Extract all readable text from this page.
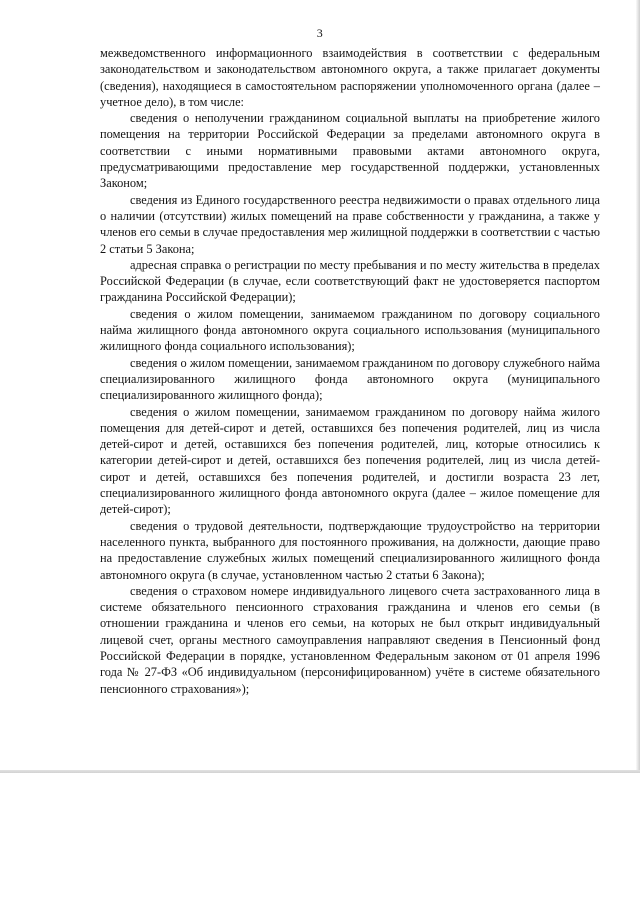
3

межведомственного информационного взаимодействия в соответствии с федеральным законодательством и законодательством автономного округа, а также прилагает документы (сведения), находящиеся в самостоятельном распоряжении уполномоченного органа (далее – учетное дело), в том числе:

сведения о неполучении гражданином социальной выплаты на приобретение жилого помещения на территории Российской Федерации за пределами автономного округа в соответствии с иными нормативными правовыми актами автономного округа, предусматривающими предоставление мер государственной поддержки, установленных Законом;

сведения из Единого государственного реестра недвижимости о правах отдельного лица о наличии (отсутствии) жилых помещений на праве собственности у гражданина, а также у членов его семьи в случае предоставления мер жилищной поддержки в соответствии с частью 2 статьи 5 Закона;

адресная справка о регистрации по месту пребывания и по месту жительства в пределах Российской Федерации (в случае, если соответствующий факт не удостоверяется паспортом гражданина Российской Федерации);

сведения о жилом помещении, занимаемом гражданином по договору социального найма жилищного фонда автономного округа социального использования (муниципального жилищного фонда социального использования);

сведения о жилом помещении, занимаемом гражданином по договору служебного найма специализированного жилищного фонда автономного округа (муниципального специализированного жилищного фонда);

сведения о жилом помещении, занимаемом гражданином по договору найма жилого помещения для детей-сирот и детей, оставшихся без попечения родителей, лиц из числа детей-сирот и детей, оставшихся без попечения родителей, лиц, которые относились к категории детей-сирот и детей, оставшихся без попечения родителей, лиц из числа детей-сирот и детей, оставшихся без попечения родителей, и достигли возраста 23 лет, специализированного жилищного фонда автономного округа (далее – жилое помещение для детей-сирот);

сведения о трудовой деятельности, подтверждающие трудоустройство на территории населенного пункта, выбранного для постоянного проживания, на должности, дающие право на предоставление служебных жилых помещений специализированного жилищного фонда автономного округа (в случае, установленном частью 2 статьи 6 Закона);

сведения о страховом номере индивидуального лицевого счета застрахованного лица в системе обязательного пенсионного страхования гражданина и членов его семьи (в отношении гражданина и членов его семьи, на которых не был открыт индивидуальный лицевой счет, органы местного самоуправления направляют сведения в Пенсионный фонд Российской Федерации в порядке, установленном Федеральным законом от 01 апреля 1996 года № 27-ФЗ «Об индивидуальном (персонифицированном) учёте в системе обязательного пенсионного страхования»);
